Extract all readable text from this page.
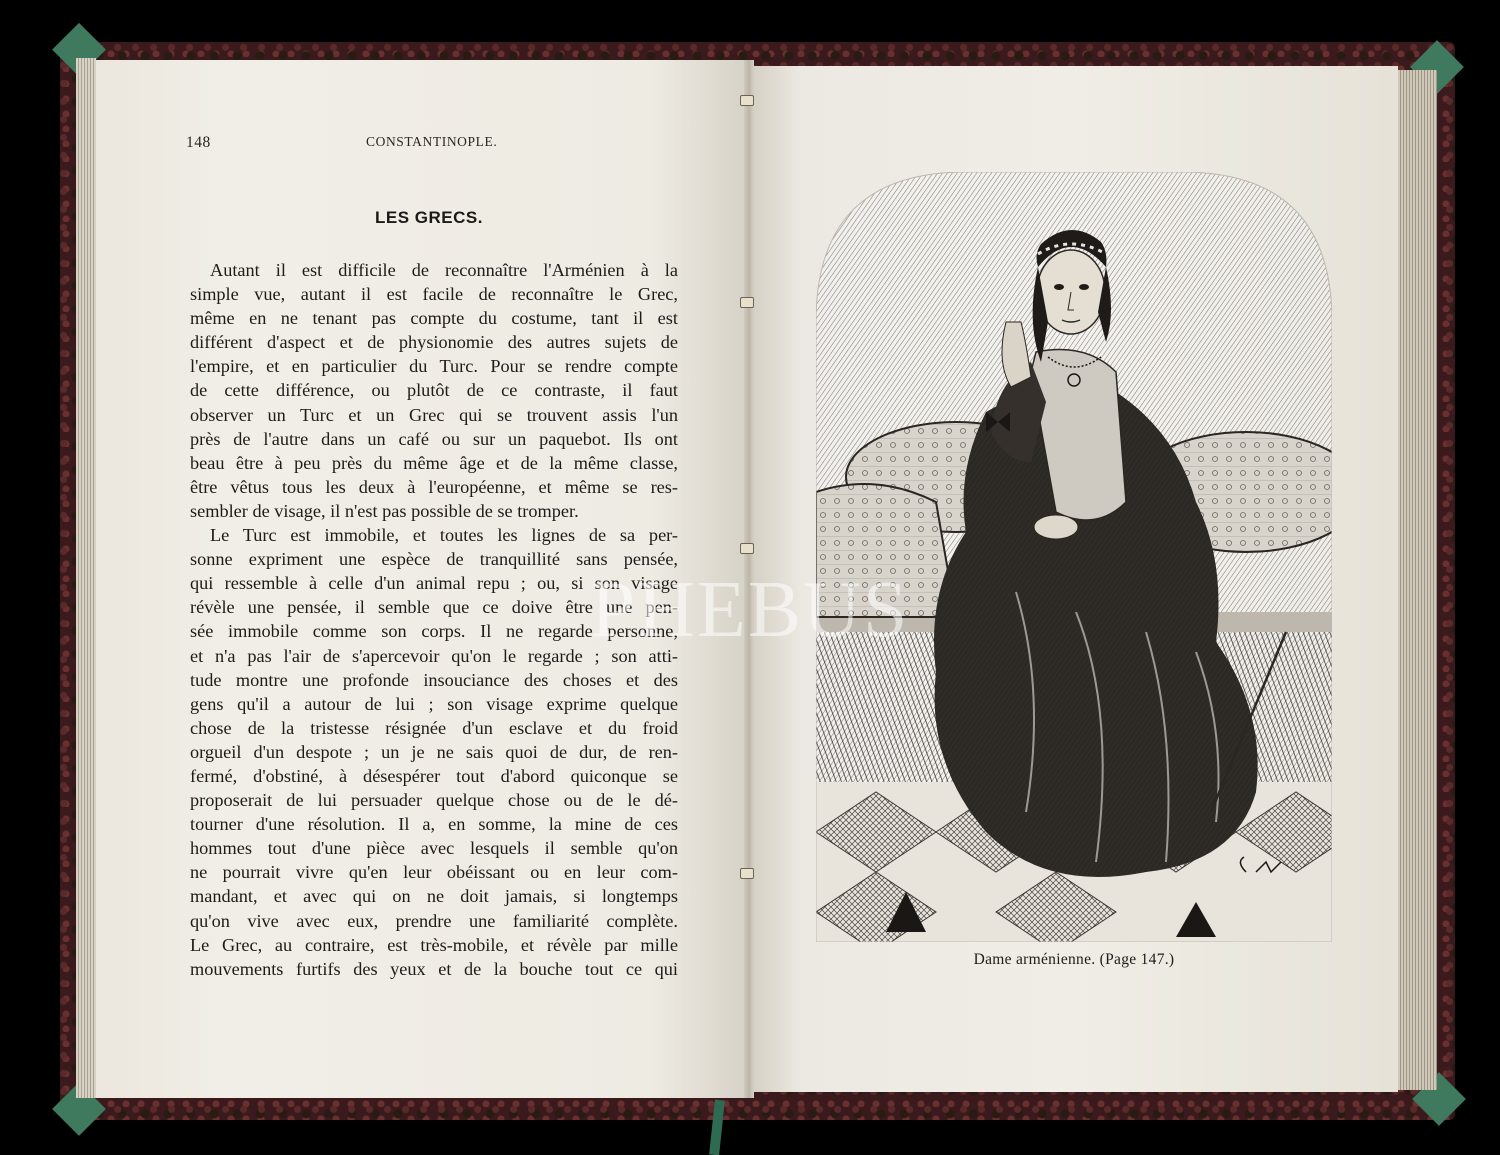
148	CONSTANTINOPLE.
LES GRECS.
Autant il est difficile de reconnaître l'Arménien à la
simple vue, autant il est facile de reconnaître le Grec,
même en ne tenant pas compte du costume, tant il est
différent d'aspect et de physionomie des autres sujets de
l'empire, et en particulier du Turc. Pour se rendre compte
de cette différence, ou plutôt de ce contraste, il faut
observer un Turc et un Grec qui se trouvent assis l'un
près de l'autre dans un café ou sur un paquebot. Ils ont
beau être à peu près du même âge et de la même classe,
être vêtus tous les deux à l'européenne, et même se res-
sembler de visage, il n'est pas possible de se tromper.
Le Turc est immobile, et toutes les lignes de sa per-
sonne expriment une espèce de tranquillité sans pensée,
qui ressemble à celle d'un animal repu ; ou, si son visage
révèle une pensée, il semble que ce doive être une pen-
sée immobile comme son corps. Il ne regarde personne,
et n'a pas l'air de s'apercevoir qu'on le regarde ; son atti-
tude montre une profonde insouciance des choses et des
gens qu'il a autour de lui ; son visage exprime quelque
chose de la tristesse résignée d'un esclave et du froid
orgueil d'un despote ; un je ne sais quoi de dur, de ren-
fermé, d'obstiné, à désespérer tout d'abord quiconque se
proposerait de lui persuader quelque chose ou de le dé-
tourner d'une résolution. Il a, en somme, la mine de ces
hommes tout d'une pièce avec lesquels il semble qu'on
ne pourrait vivre qu'en leur obéissant ou en leur com-
mandant, et avec qui on ne doit jamais, si longtemps
qu'on vive avec eux, prendre une familiarité complète.
Le Grec, au contraire, est très-mobile, et révèle par mille
mouvements furtifs des yeux et de la bouche tout ce qui	Dame arménienne. (Page 147.)
PHEBUS
